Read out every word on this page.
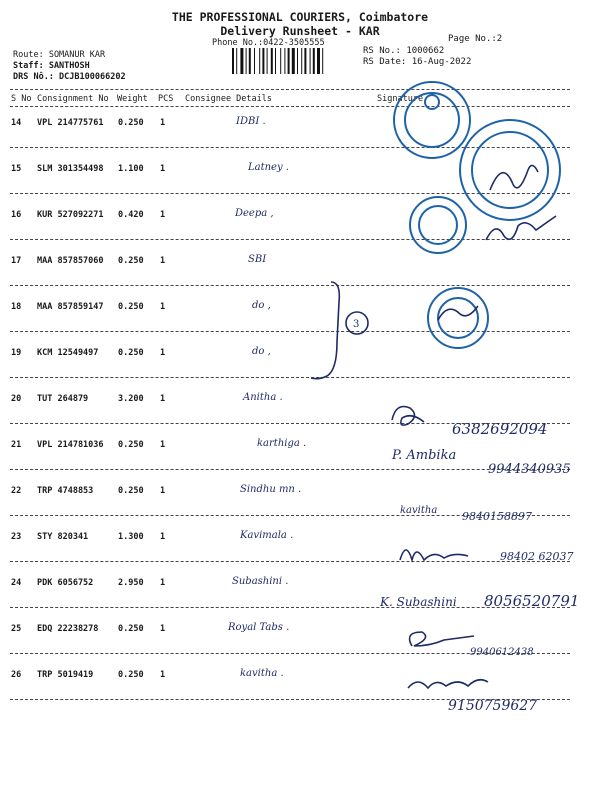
THE PROFESSIONAL COURIERS, Coimbatore
Delivery Runsheet - KAR
Phone No.:0422-3505555	Page No.:2
RS No.: 1000662
RS Date: 16-Aug-2022
Route: SOMANUR KAR
Staff: SANTHOSH
DRS Nô.: DCJB100066202
S No Consignment No Weight PCS Consignee Details	Signature
14 VPL 214775761 0.250 1	IDBI .
15 SLM 301354498 1.100 1	Latney .
16 KUR 527092271 0.420 1	Deepa ,
17 MAA 857857060 0.250 1	SBI
18 MAA 857859147 0.250 1	do ,
19 KCM 12549497 0.250 1	do ,
20 TUT 264879	3.200 1	Anitha .
21 VPL 214781036 0.250 1	karthiga .
22 TRP 4748853	0.250 1	Sindhu mn .
23 STY 820341	1.300 1	Kavimala .
24 PDK 6056752	2.950 1	Subashini .
25 EDQ 22238278 0.250 1	Royal Tabs .
26 TRP 5019419	0.250 1	kavitha .
3
6382692094
P. Ambika
9944340935
kavitha 9840158897
98402 62037
K. Subashini 8056520791
9940612438
9150759627
